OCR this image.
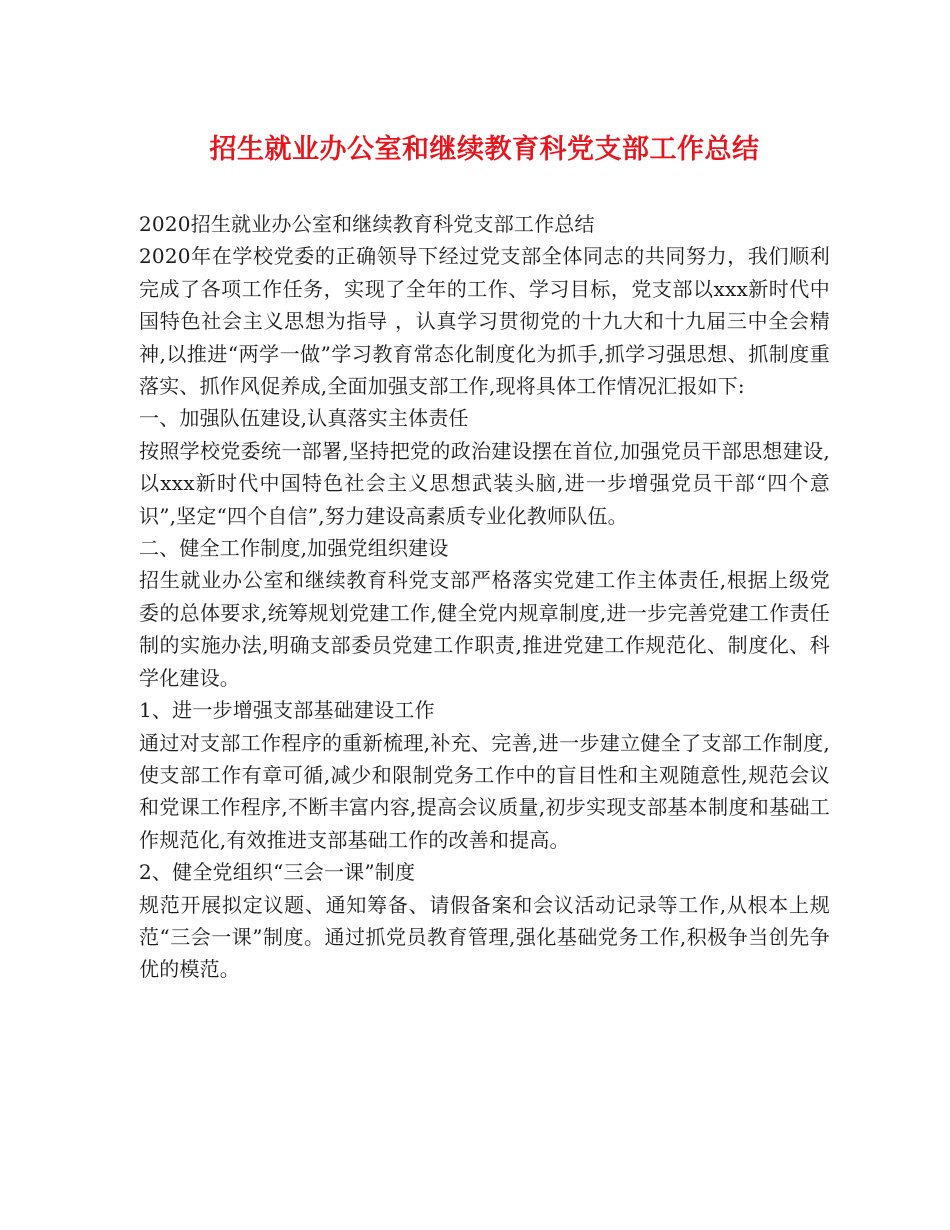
招生就业办公室和继续教育科党支部工作总结

2020招生就业办公室和继续教育科党支部工作总结

2020年在学校党委的正确领导下经过党支部全体同志的共同努力，我们顺利完成了各项工作任务，实现了全年的工作、学习目标，党支部以xxx新时代中国特色社会主义思想为指导 ，认真学习贯彻党的十九大和十九届三中全会精神,以推进“两学一做”学习教育常态化制度化为抓手,抓学习强思想、抓制度重落实、抓作风促养成,全面加强支部工作,现将具体工作情况汇报如下:

一、加强队伍建设,认真落实主体责任

按照学校党委统一部署,坚持把党的政治建设摆在首位,加强党员干部思想建设,以xxx新时代中国特色社会主义思想武装头脑,进一步增强党员干部“四个意识”,坚定“四个自信”,努力建设高素质专业化教师队伍。

二、健全工作制度,加强党组织建设

招生就业办公室和继续教育科党支部严格落实党建工作主体责任,根据上级党委的总体要求,统筹规划党建工作,健全党内规章制度,进一步完善党建工作责任制的实施办法,明确支部委员党建工作职责,推进党建工作规范化、制度化、科学化建设。

1、进一步增强支部基础建设工作

通过对支部工作程序的重新梳理,补充、完善,进一步建立健全了支部工作制度,使支部工作有章可循,减少和限制党务工作中的盲目性和主观随意性,规范会议和党课工作程序,不断丰富内容,提高会议质量,初步实现支部基本制度和基础工作规范化,有效推进支部基础工作的改善和提高。

2、健全党组织“三会一课”制度

规范开展拟定议题、通知筹备、请假备案和会议活动记录等工作,从根本上规范“三会一课”制度。通过抓党员教育管理,强化基础党务工作,积极争当创先争优的模范。
